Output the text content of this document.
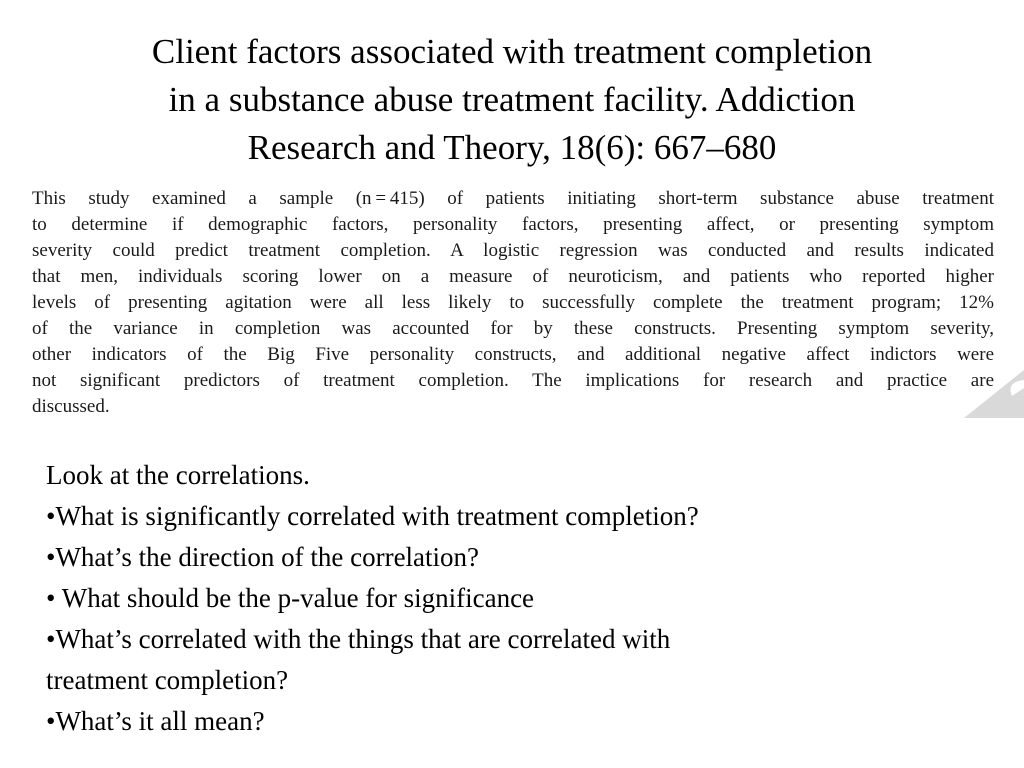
Client factors associated with treatment completion
in a substance abuse treatment facility. Addiction
Research and Theory, 18(6): 667–680

This study examined a sample (n = 415) of patients initiating short-term substance abuse treatment
to determine if demographic factors, personality factors, presenting affect, or presenting symptom
severity could predict treatment completion. A logistic regression was conducted and results indicated
that men, individuals scoring lower on a measure of neuroticism, and patients who reported higher
levels of presenting agitation were all less likely to successfully complete the treatment program; 12%
of the variance in completion was accounted for by these constructs. Presenting symptom severity,
other indicators of the Big Five personality constructs, and additional negative affect indictors were
not significant predictors of treatment completion. The implications for research and practice are
discussed.

Look at the correlations.
•What is significantly correlated with treatment completion?
•What’s the direction of the correlation?
• What should be the p-value for significance
•What’s correlated with the things that are correlated with
treatment completion?
•What’s it all mean?
